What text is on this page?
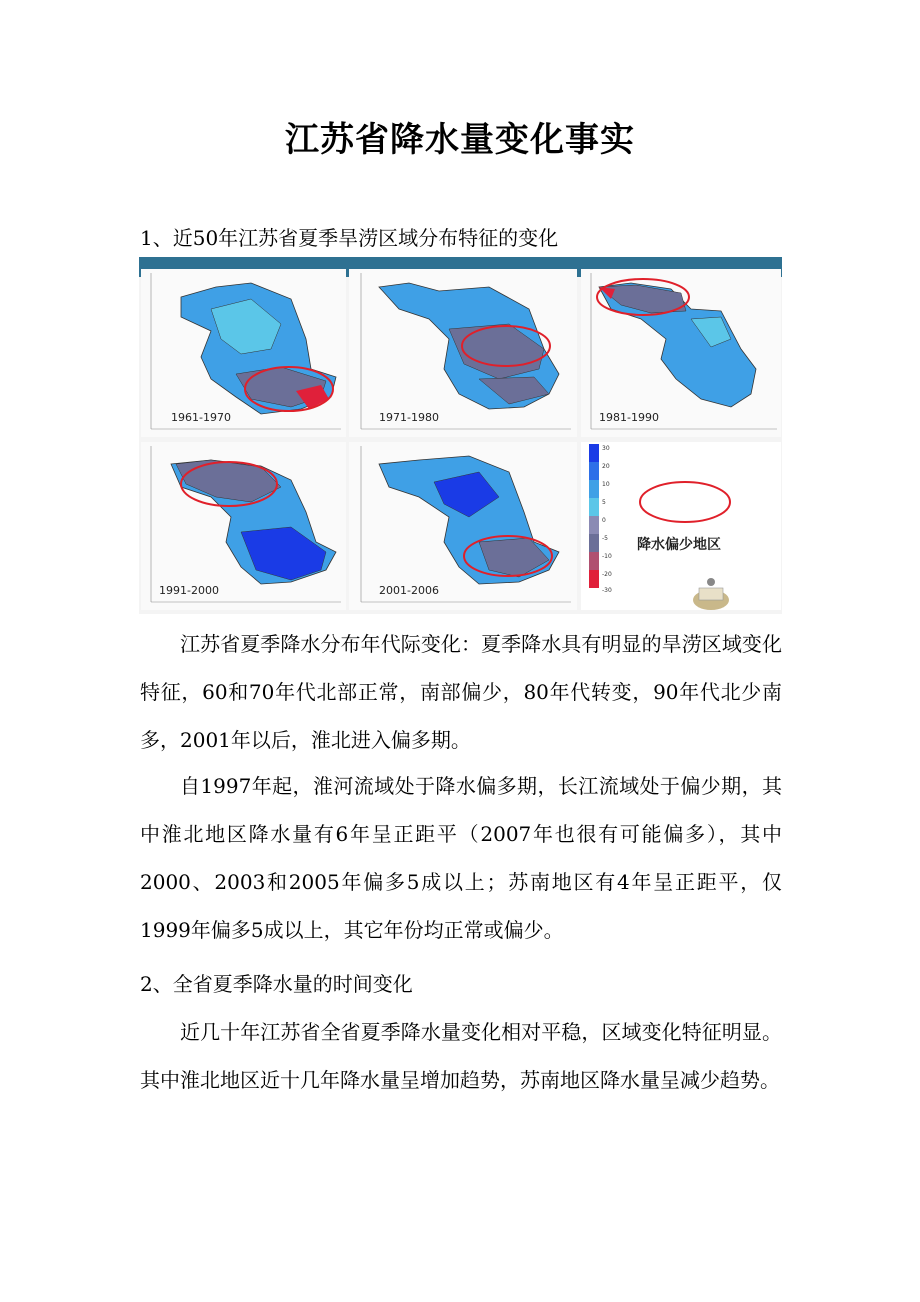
江苏省降水量变化事实
1、近50年江苏省夏季旱涝区域分布特征的变化
1961-1970	1971-1980	1981-1990
1991-2000	2001-2006
30
20
10
5
0
-5
-10
-20
-30
降水偏少地区

江苏省夏季降水分布年代际变化：夏季降水具有明显的旱涝区域变化特征，60和70年代北部正常，南部偏少，80年代转变，90年代北少南多，2001年以后，淮北进入偏多期。

自1997年起，淮河流域处于降水偏多期，长江流域处于偏少期，其中淮北地区降水量有6年呈正距平（2007年也很有可能偏多），其中2000、2003和2005年偏多5成以上；苏南地区有4年呈正距平，仅1999年偏多5成以上，其它年份均正常或偏少。

2、全省夏季降水量的时间变化

近几十年江苏省全省夏季降水量变化相对平稳，区域变化特征明显。其中淮北地区近十几年降水量呈增加趋势，苏南地区降水量呈减少趋势。
